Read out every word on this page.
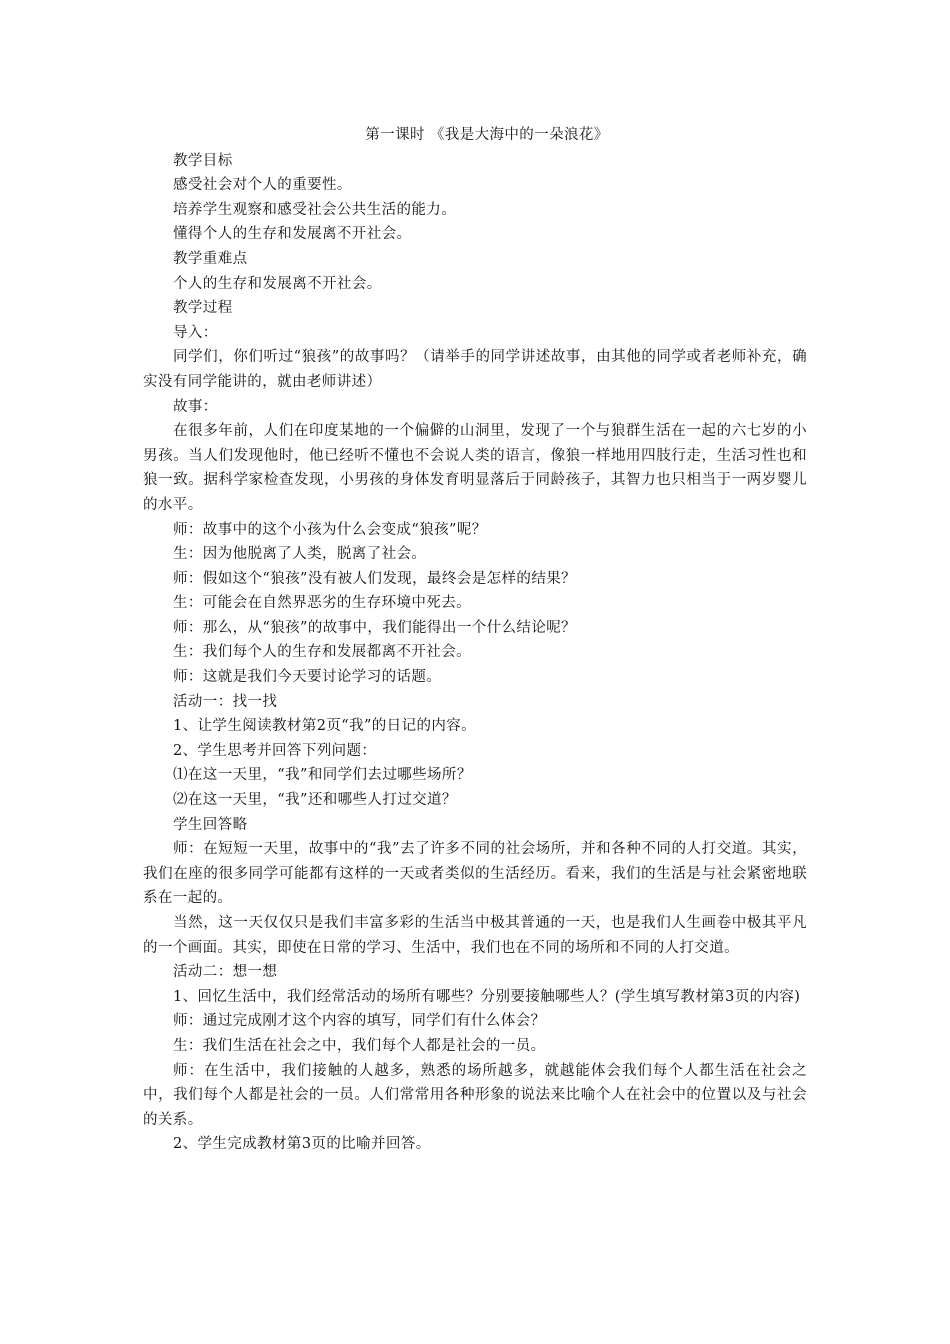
第一课时 《我是大海中的一朵浪花》

教学目标

感受社会对个人的重要性。

培养学生观察和感受社会公共生活的能力。

懂得个人的生存和发展离不开社会。

教学重难点

个人的生存和发展离不开社会。

教学过程

导入：

同学们，你们听过“狼孩”的故事吗？（请举手的同学讲述故事，由其他的同学或者老师补充，确实没有同学能讲的，就由老师讲述）

故事：

在很多年前，人们在印度某地的一个偏僻的山洞里，发现了一个与狼群生活在一起的六七岁的小男孩。当人们发现他时，他已经听不懂也不会说人类的语言，像狼一样地用四肢行走，生活习性也和狼一致。据科学家检查发现，小男孩的身体发育明显落后于同龄孩子，其智力也只相当于一两岁婴儿的水平。

师：故事中的这个小孩为什么会变成“狼孩”呢？

生：因为他脱离了人类，脱离了社会。

师：假如这个“狼孩”没有被人们发现，最终会是怎样的结果？

生：可能会在自然界恶劣的生存环境中死去。

师：那么，从“狼孩”的故事中，我们能得出一个什么结论呢？

生：我们每个人的生存和发展都离不开社会。

师：这就是我们今天要讨论学习的话题。

活动一：找一找

1、让学生阅读教材第2页“我”的日记的内容。

2、学生思考并回答下列问题：

⑴在这一天里，“我”和同学们去过哪些场所？

⑵在这一天里，“我”还和哪些人打过交道？

学生回答略

师：在短短一天里，故事中的“我”去了许多不同的社会场所，并和各种不同的人打交道。其实，我们在座的很多同学可能都有这样的一天或者类似的生活经历。看来，我们的生活是与社会紧密地联系在一起的。

当然，这一天仅仅只是我们丰富多彩的生活当中极其普通的一天，也是我们人生画卷中极其平凡的一个画面。其实，即使在日常的学习、生活中，我们也在不同的场所和不同的人打交道。

活动二：想一想

1、回忆生活中，我们经常活动的场所有哪些？分别要接触哪些人？(学生填写教材第3页的内容)

师：通过完成刚才这个内容的填写，同学们有什么体会？

生：我们生活在社会之中，我们每个人都是社会的一员。

师：在生活中，我们接触的人越多，熟悉的场所越多，就越能体会我们每个人都生活在社会之中，我们每个人都是社会的一员。人们常常用各种形象的说法来比喻个人在社会中的位置以及与社会的关系。

2、学生完成教材第3页的比喻并回答。
